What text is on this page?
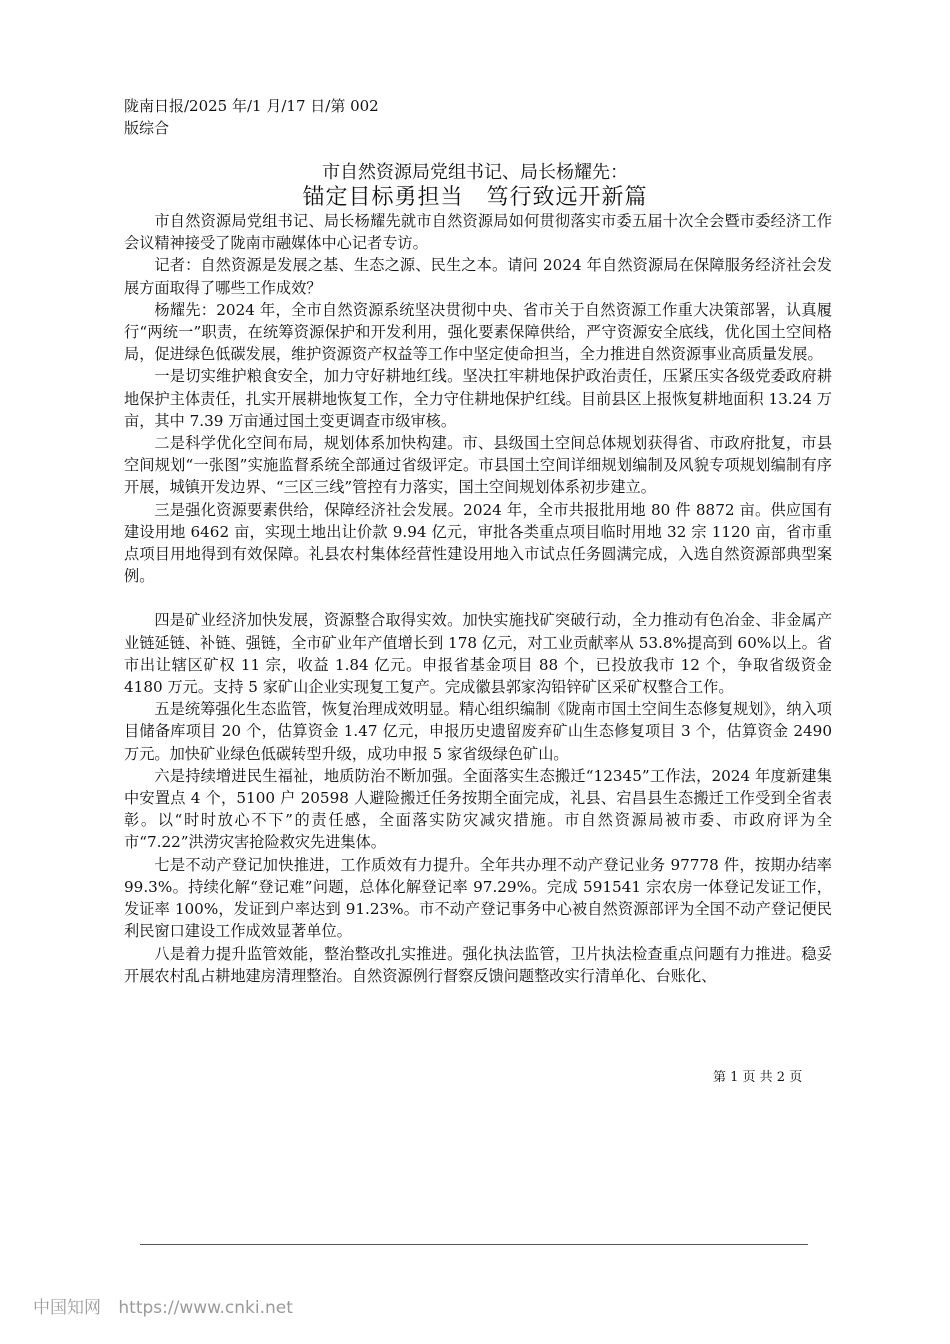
陇南日报/2025 年/1 月/17 日/第 002 版综合
市自然资源局党组书记、局长杨耀先：
锚定目标勇担当　笃行致远开新篇

市自然资源局党组书记、局长杨耀先就市自然资源局如何贯彻落实市委五届十次全会暨市委经济工作会议精神接受了陇南市融媒体中心记者专访。

记者：自然资源是发展之基、生态之源、民生之本。请问 2024 年自然资源局在保障服务经济社会发展方面取得了哪些工作成效？

杨耀先：2024 年，全市自然资源系统坚决贯彻中央、省市关于自然资源工作重大决策部署，认真履行“两统一”职责，在统筹资源保护和开发利用，强化要素保障供给，严守资源安全底线，优化国土空间格局，促进绿色低碳发展，维护资源资产权益等工作中坚定使命担当，全力推进自然资源事业高质量发展。

一是切实维护粮食安全，加力守好耕地红线。坚决扛牢耕地保护政治责任，压紧压实各级党委政府耕地保护主体责任，扎实开展耕地恢复工作，全力守住耕地保护红线。目前县区上报恢复耕地面积 13.24 万亩，其中 7.39 万亩通过国土变更调查市级审核。

二是科学优化空间布局，规划体系加快构建。市、县级国土空间总体规划获得省、市政府批复，市县空间规划“一张图”实施监督系统全部通过省级评定。市县国土空间详细规划编制及风貌专项规划编制有序开展，城镇开发边界、“三区三线”管控有力落实，国土空间规划体系初步建立。

三是强化资源要素供给，保障经济社会发展。2024 年，全市共报批用地 80 件 8872 亩。供应国有建设用地 6462 亩，实现土地出让价款 9.94 亿元，审批各类重点项目临时用地 32 宗 1120 亩，省市重点项目用地得到有效保障。礼县农村集体经营性建设用地入市试点任务圆满完成，入选自然资源部典型案例。

四是矿业经济加快发展，资源整合取得实效。加快实施找矿突破行动，全力推动有色冶金、非金属产业链延链、补链、强链，全市矿业年产值增长到 178 亿元，对工业贡献率从 53.8%提高到 60%以上。省市出让辖区矿权 11 宗，收益 1.84 亿元。申报省基金项目 88 个，已投放我市 12 个，争取省级资金 4180 万元。支持 5 家矿山企业实现复工复产。完成徽县郭家沟铅锌矿区采矿权整合工作。

五是统筹强化生态监管，恢复治理成效明显。精心组织编制《陇南市国土空间生态修复规划》，纳入项目储备库项目 20 个，估算资金 1.47 亿元，申报历史遗留废弃矿山生态修复项目 3 个，估算资金 2490 万元。加快矿业绿色低碳转型升级，成功申报 5 家省级绿色矿山。

六是持续增进民生福祉，地质防治不断加强。全面落实生态搬迁“12345”工作法，2024 年度新建集中安置点 4 个，5100 户 20598 人避险搬迁任务按期全面完成，礼县、宕昌县生态搬迁工作受到全省表彰。以“时时放心不下”的责任感，全面落实防灾减灾措施。市自然资源局被市委、市政府评为全市“7.22”洪涝灾害抢险救灾先进集体。

七是不动产登记加快推进，工作质效有力提升。全年共办理不动产登记业务 97778 件，按期办结率 99.3%。持续化解“登记难”问题，总体化解登记率 97.29%。完成 591541 宗农房一体登记发证工作，发证率 100%，发证到户率达到 91.23%。市不动产登记事务中心被自然资源部评为全国不动产登记便民利民窗口建设工作成效显著单位。

八是着力提升监管效能，整治整改扎实推进。强化执法监管，卫片执法检查重点问题有力推进。稳妥开展农村乱占耕地建房清理整治。自然资源例行督察反馈问题整改实行清单化、台账化、

第 1 页 共 2 页
中国知网 https://www.cnki.net
